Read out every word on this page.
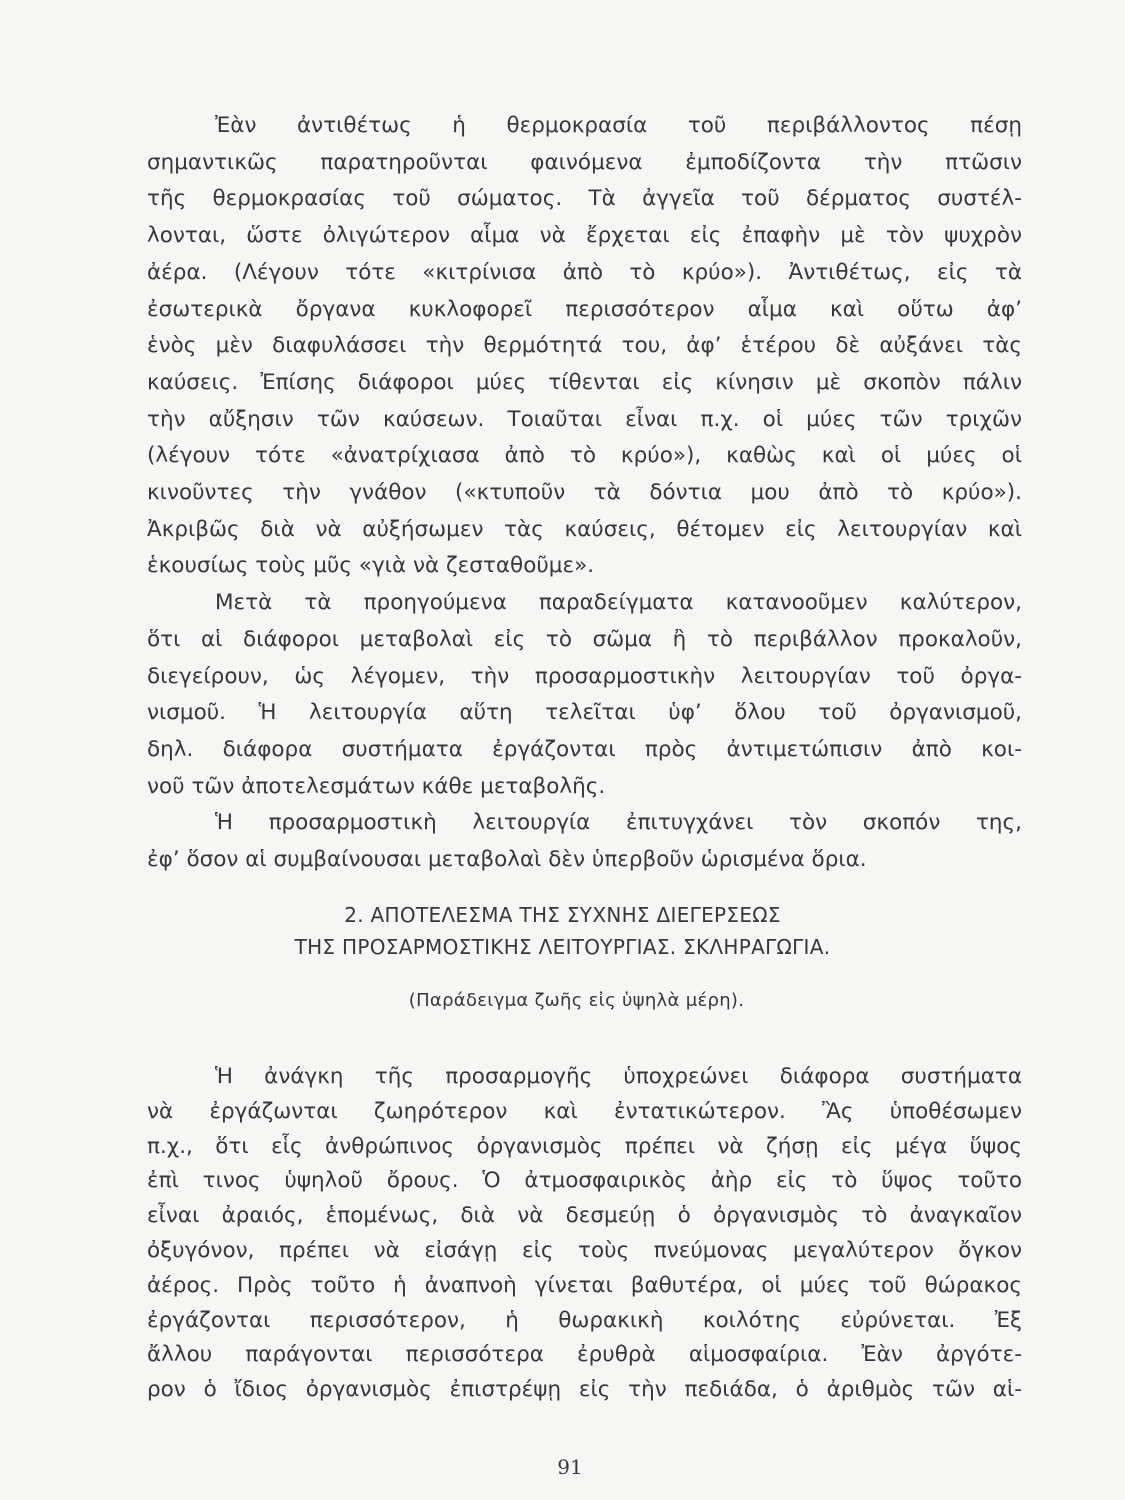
Ἐὰν ἀντιθέτως ἡ θερμοκρασία τοῦ περιβάλλοντος πέσῃ
σημαντικῶς παρατηροῦνται φαινόμενα ἐμποδίζοντα τὴν πτῶσιν
τῆς θερμοκρασίας τοῦ σώματος. Τὰ ἀγγεῖα τοῦ δέρματος συστέλ-
λονται, ὥστε ὀλιγώτερον αἷμα νὰ ἔρχεται εἰς ἐπαφὴν μὲ τὸν ψυχρὸν
ἀέρα. (Λέγουν τότε «κιτρίνισα ἀπὸ τὸ κρύο»). Ἀντιθέτως, εἰς τὰ
ἐσωτερικὰ ὄργανα κυκλοφορεῖ περισσότερον αἷμα καὶ οὕτω ἀφ’
ἑνὸς μὲν διαφυλάσσει τὴν θερμότητά του, ἀφ’ ἑτέρου δὲ αὐξάνει τὰς
καύσεις. Ἐπίσης διάφοροι μύες τίθενται εἰς κίνησιν μὲ σκοπὸν πάλιν
τὴν αὔξησιν τῶν καύσεων. Τοιαῦται εἶναι π.χ. οἱ μύες τῶν τριχῶν
(λέγουν τότε «ἀνατρίχιασα ἀπὸ τὸ κρύο»), καθὼς καὶ οἱ μύες οἱ
κινοῦντες τὴν γνάθον («κτυποῦν τὰ δόντια μου ἀπὸ τὸ κρύο»).
Ἀκριβῶς διὰ νὰ αὐξήσωμεν τὰς καύσεις, θέτομεν εἰς λειτουργίαν καὶ
ἑκουσίως τοὺς μῦς «γιὰ νὰ ζεσταθοῦμε».
Μετὰ τὰ προηγούμενα παραδείγματα κατανοοῦμεν καλύτερον,
ὅτι αἱ διάφοροι μεταβολαὶ εἰς τὸ σῶμα ἢ τὸ περιβάλλον προκαλοῦν,
διεγείρουν, ὡς λέγομεν, τὴν προσαρμοστικὴν λειτουργίαν τοῦ ὀργα-
νισμοῦ. Ἡ λειτουργία αὕτη τελεῖται ὑφ’ ὅλου τοῦ ὀργανισμοῦ,
δηλ. διάφορα συστήματα ἐργάζονται πρὸς ἀντιμετώπισιν ἀπὸ κοι-
νοῦ τῶν ἀποτελεσμάτων κάθε μεταβολῆς.
Ἡ προσαρμοστικὴ λειτουργία ἐπιτυγχάνει τὸν σκοπόν της,
ἐφ’ ὅσον αἱ συμβαίνουσαι μεταβολαὶ δὲν ὑπερβοῦν ὡρισμένα ὅρια.
2. ΑΠΟΤΕΛΕΣΜΑ ΤΗΣ ΣΥΧΝΗΣ ΔΙΕΓΕΡΣΕΩΣ
ΤΗΣ ΠΡΟΣΑΡΜΟΣΤΙΚΗΣ ΛΕΙΤΟΥΡΓΙΑΣ. ΣΚΛΗΡΑΓΩΓΙΑ.
(Παράδειγμα ζωῆς εἰς ὑψηλὰ μέρη).
Ἡ ἀνάγκη τῆς προσαρμογῆς ὑποχρεώνει διάφορα συστήματα
νὰ ἐργάζωνται ζωηρότερον καὶ ἐντατικώτερον. Ἂς ὑποθέσωμεν
π.χ., ὅτι εἷς ἀνθρώπινος ὀργανισμὸς πρέπει νὰ ζήσῃ εἰς μέγα ὕψος
ἐπὶ τινος ὑψηλοῦ ὄρους. Ὁ ἀτμοσφαιρικὸς ἀὴρ εἰς τὸ ὕψος τοῦτο
εἶναι ἀραιός, ἑπομένως, διὰ νὰ δεσμεύῃ ὁ ὀργανισμὸς τὸ ἀναγκαῖον
ὀξυγόνον, πρέπει νὰ εἰσάγῃ εἰς τοὺς πνεύμονας μεγαλύτερον ὄγκον
ἀέρος. Πρὸς τοῦτο ἡ ἀναπνοὴ γίνεται βαθυτέρα, οἱ μύες τοῦ θώρακος
ἐργάζονται περισσότερον, ἡ θωρακικὴ κοιλότης εὐρύνεται. Ἐξ
ἄλλου παράγονται περισσότερα ἐρυθρὰ αἱμοσφαίρια. Ἐὰν ἀργότε-
ρον ὁ ἴδιος ὀργανισμὸς ἐπιστρέψῃ εἰς τὴν πεδιάδα, ὁ ἀριθμὸς τῶν αἱ-
91
